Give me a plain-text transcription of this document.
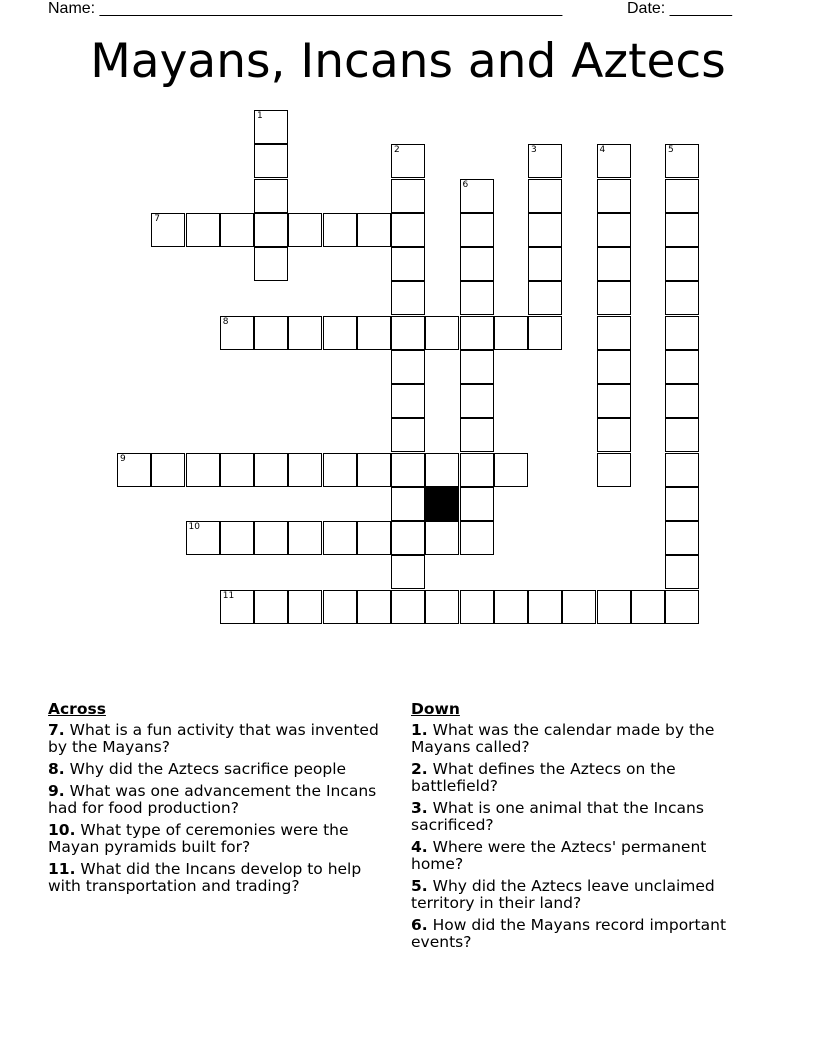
Name: ____________________________________________________	Date: _______
Mayans, Incans and Aztecs
1
2	3	4	5
6
7
8
9
10
11
Across
7. What is a fun activity that was invented by the Mayans?
8. Why did the Aztecs sacrifice people
9. What was one advancement the Incans had for food production?
10. What type of ceremonies were the Mayan pyramids built for?
11. What did the Incans develop to help with transportation and trading?
Down
1. What was the calendar made by the Mayans called?
2. What defines the Aztecs on the battlefield?
3. What is one animal that the Incans sacrificed?
4. Where were the Aztecs' permanent home?
5. Why did the Aztecs leave unclaimed territory in their land?
6. How did the Mayans record important events?
